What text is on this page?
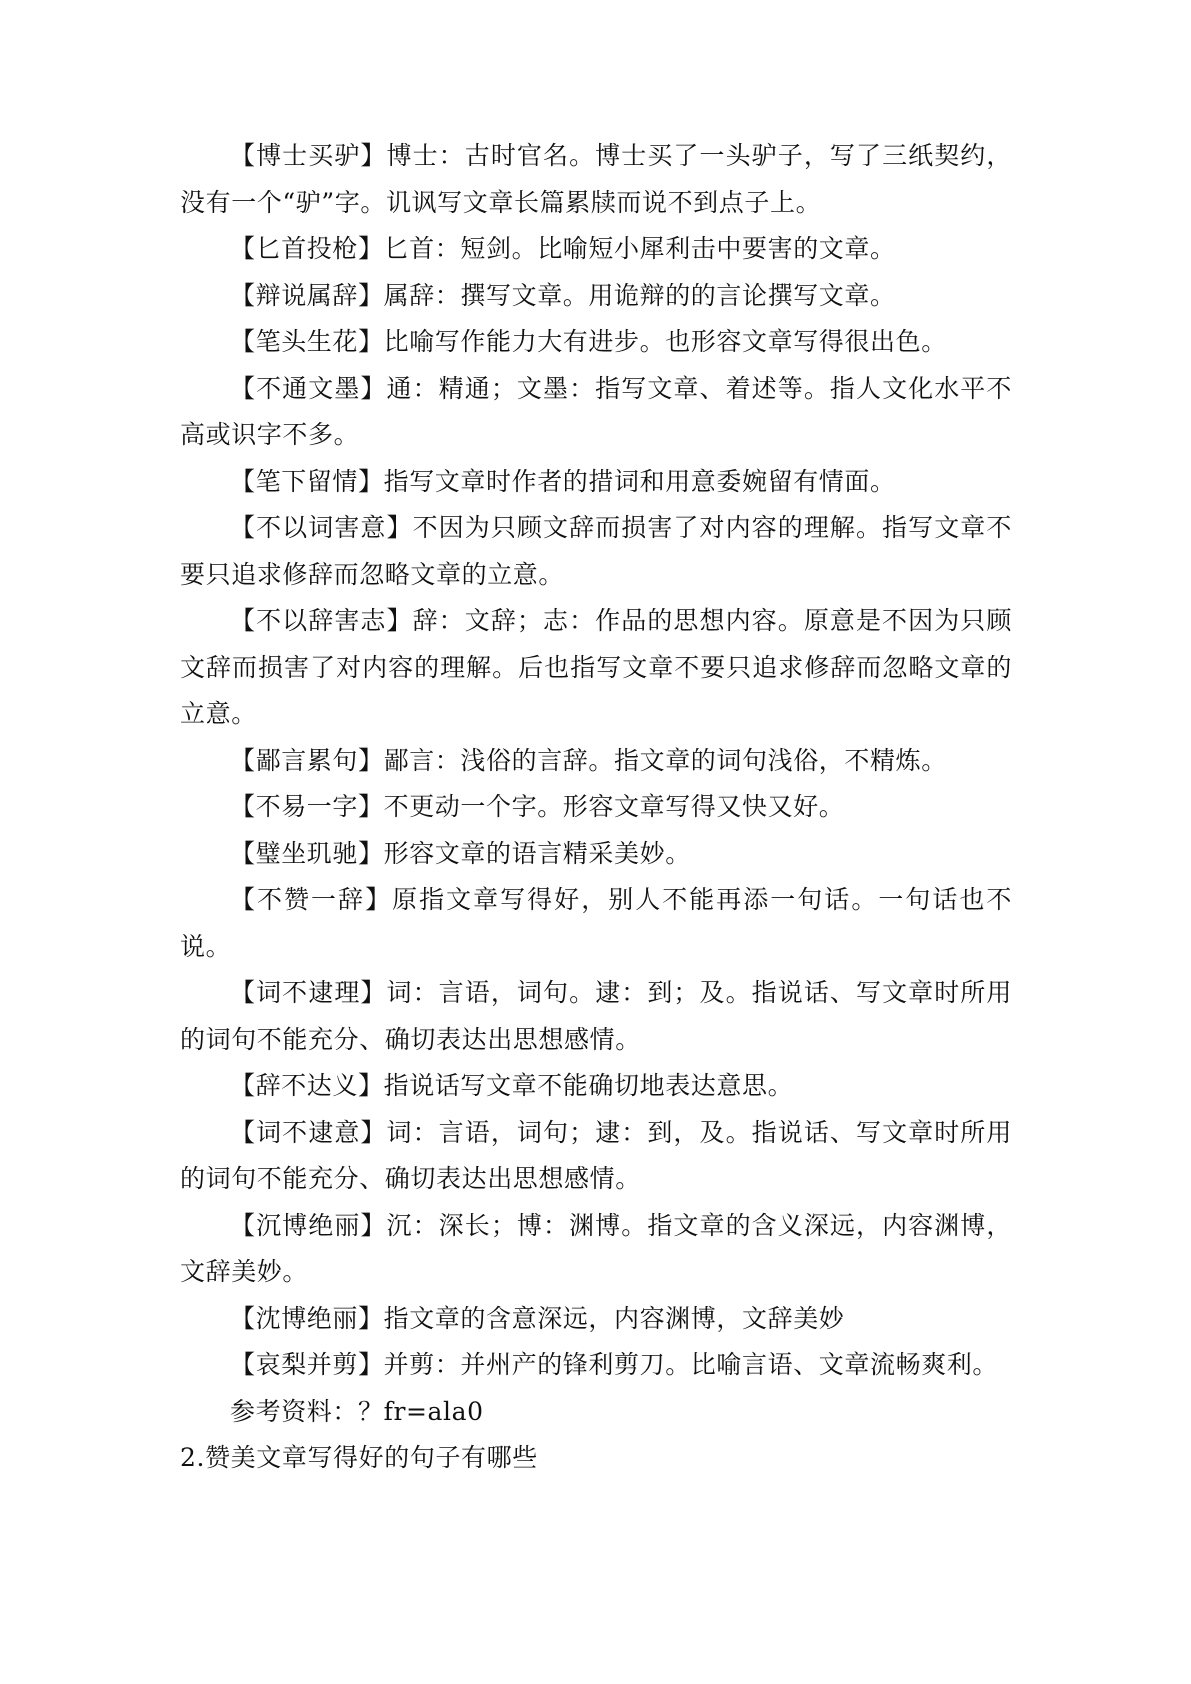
【博士买驴】博士：古时官名。博士买了一头驴子，写了三纸契约，没有一个“驴”字。讥讽写文章长篇累牍而说不到点子上。

【匕首投枪】匕首：短剑。比喻短小犀利击中要害的文章。

【辩说属辞】属辞：撰写文章。用诡辩的的言论撰写文章。

【笔头生花】比喻写作能力大有进步。也形容文章写得很出色。

【不通文墨】通：精通；文墨：指写文章、着述等。指人文化水平不高或识字不多。

【笔下留情】指写文章时作者的措词和用意委婉留有情面。

【不以词害意】不因为只顾文辞而损害了对内容的理解。指写文章不要只追求修辞而忽略文章的立意。

【不以辞害志】辞：文辞；志：作品的思想内容。原意是不因为只顾文辞而损害了对内容的理解。后也指写文章不要只追求修辞而忽略文章的立意。

【鄙言累句】鄙言：浅俗的言辞。指文章的词句浅俗，不精炼。

【不易一字】不更动一个字。形容文章写得又快又好。

【璧坐玑驰】形容文章的语言精采美妙。

【不赞一辞】原指文章写得好，别人不能再添一句话。一句话也不说。

【词不逮理】词：言语，词句。逮：到；及。指说话、写文章时所用的词句不能充分、确切表达出思想感情。

【辞不达义】指说话写文章不能确切地表达意思。

【词不逮意】词：言语，词句；逮：到，及。指说话、写文章时所用的词句不能充分、确切表达出思想感情。

【沉博绝丽】沉：深长；博：渊博。指文章的含义深远，内容渊博，文辞美妙。

【沈博绝丽】指文章的含意深远，内容渊博，文辞美妙

【哀梨并剪】并剪：并州产的锋利剪刀。比喻言语、文章流畅爽利。

参考资料：？fr=ala0

2.赞美文章写得好的句子有哪些
